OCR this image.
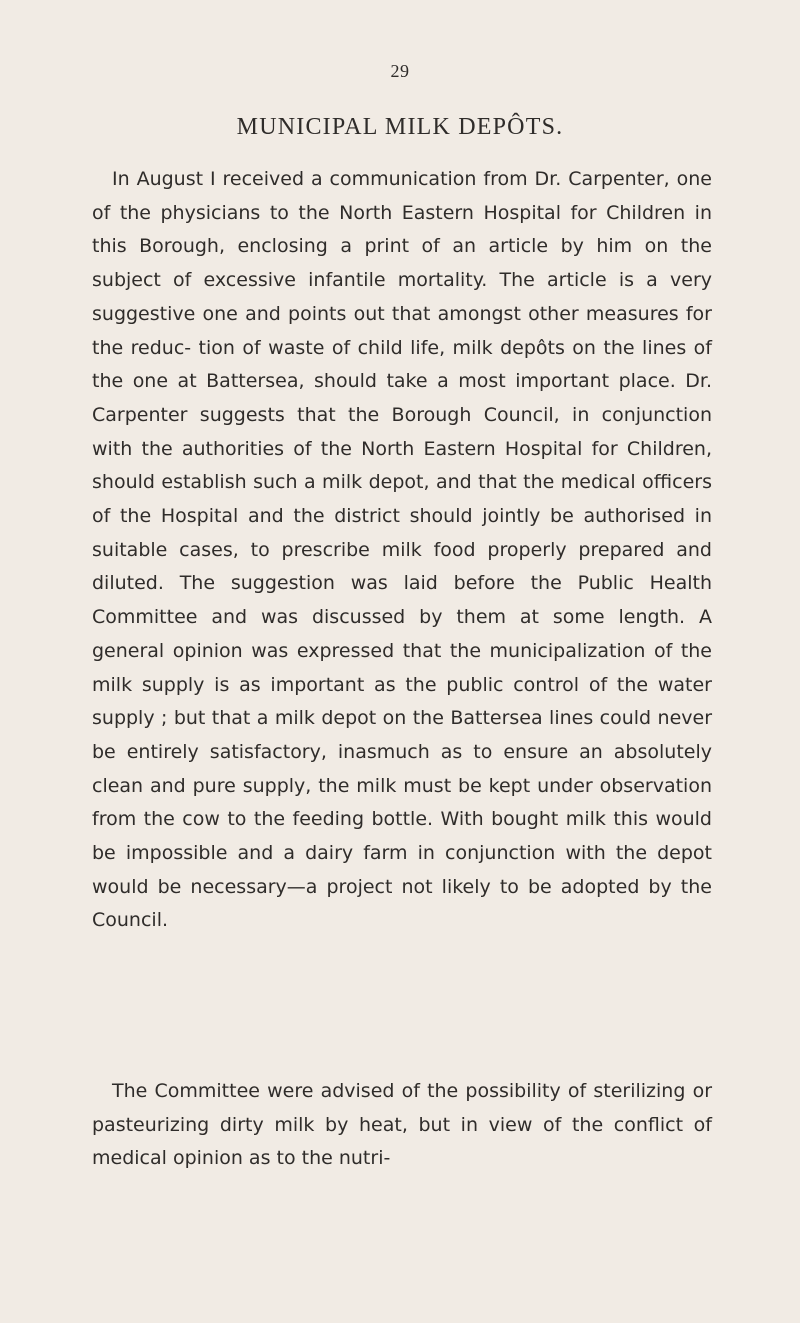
29
MUNICIPAL MILK DEPÔTS.

In August I received a communication from Dr. Carpenter, one of the physicians to the North Eastern Hospital for Children in this Borough, enclosing a print of an article by him on the subject of excessive infantile mortality. The article is a very suggestive one and points out that amongst other measures for the reduc- tion of waste of child life, milk depôts on the lines of the one at Battersea, should take a most important place. Dr. Carpenter suggests that the Borough Council, in conjunction with the authorities of the North Eastern Hospital for Children, should establish such a milk depot, and that the medical officers of the Hospital and the district should jointly be authorised in suitable cases, to prescribe milk food properly prepared and diluted. The suggestion was laid before the Public Health Committee and was discussed by them at some length. A general opinion was expressed that the municipalization of the milk supply is as important as the public control of the water supply ; but that a milk depot on the Battersea lines could never be entirely satisfactory, inasmuch as to ensure an absolutely clean and pure supply, the milk must be kept under observation from the cow to the feeding bottle. With bought milk this would be impossible and a dairy farm in conjunction with the depot would be necessary—a project not likely to be adopted by the Council.

The Committee were advised of the possibility of sterilizing or pasteurizing dirty milk by heat, but in view of the conflict of medical opinion as to the nutri-
